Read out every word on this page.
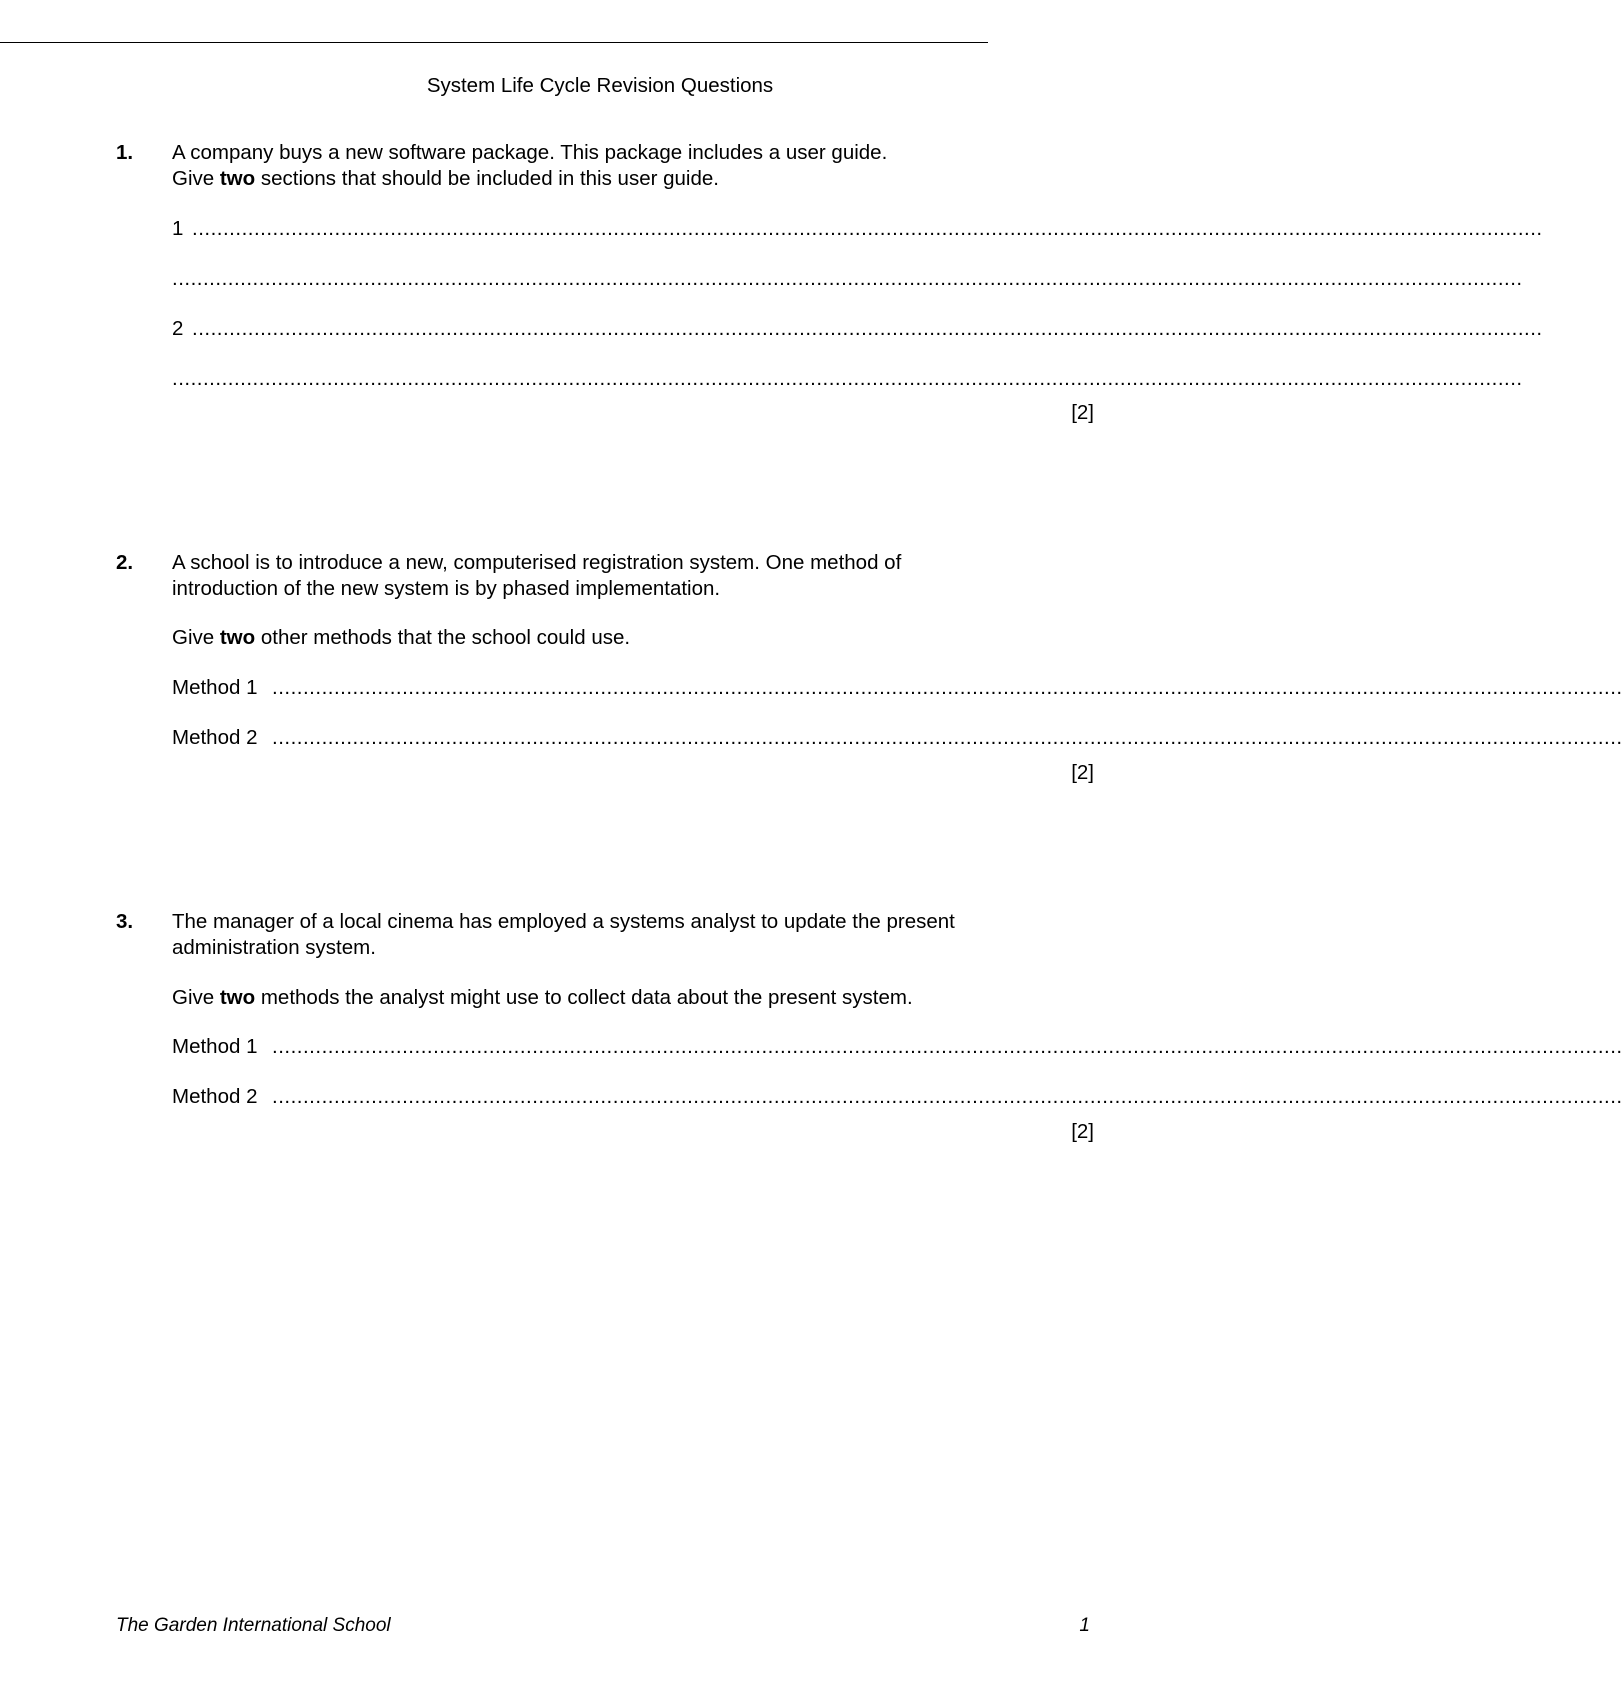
System Life Cycle Revision Questions
1. A company buys a new software package. This package includes a user guide.
Give two sections that should be included in this user guide.
1 ..........................................................................................................................................................................................................................
..........................................................................................................................................................................................................................
2 ..........................................................................................................................................................................................................................
..........................................................................................................................................................................................................................
[2]
2. A school is to introduce a new, computerised registration system. One method of
introduction of the new system is by phased implementation.
Give two other methods that the school could use.
Method 1 ..........................................................................................................................................................................................................................
Method 2 ..........................................................................................................................................................................................................................
[2]
3. The manager of a local cinema has employed a systems analyst to update the present
administration system.
Give two methods the analyst might use to collect data about the present system.
Method 1 ..........................................................................................................................................................................................................................
Method 2 ..........................................................................................................................................................................................................................
[2]
The Garden International School	1
